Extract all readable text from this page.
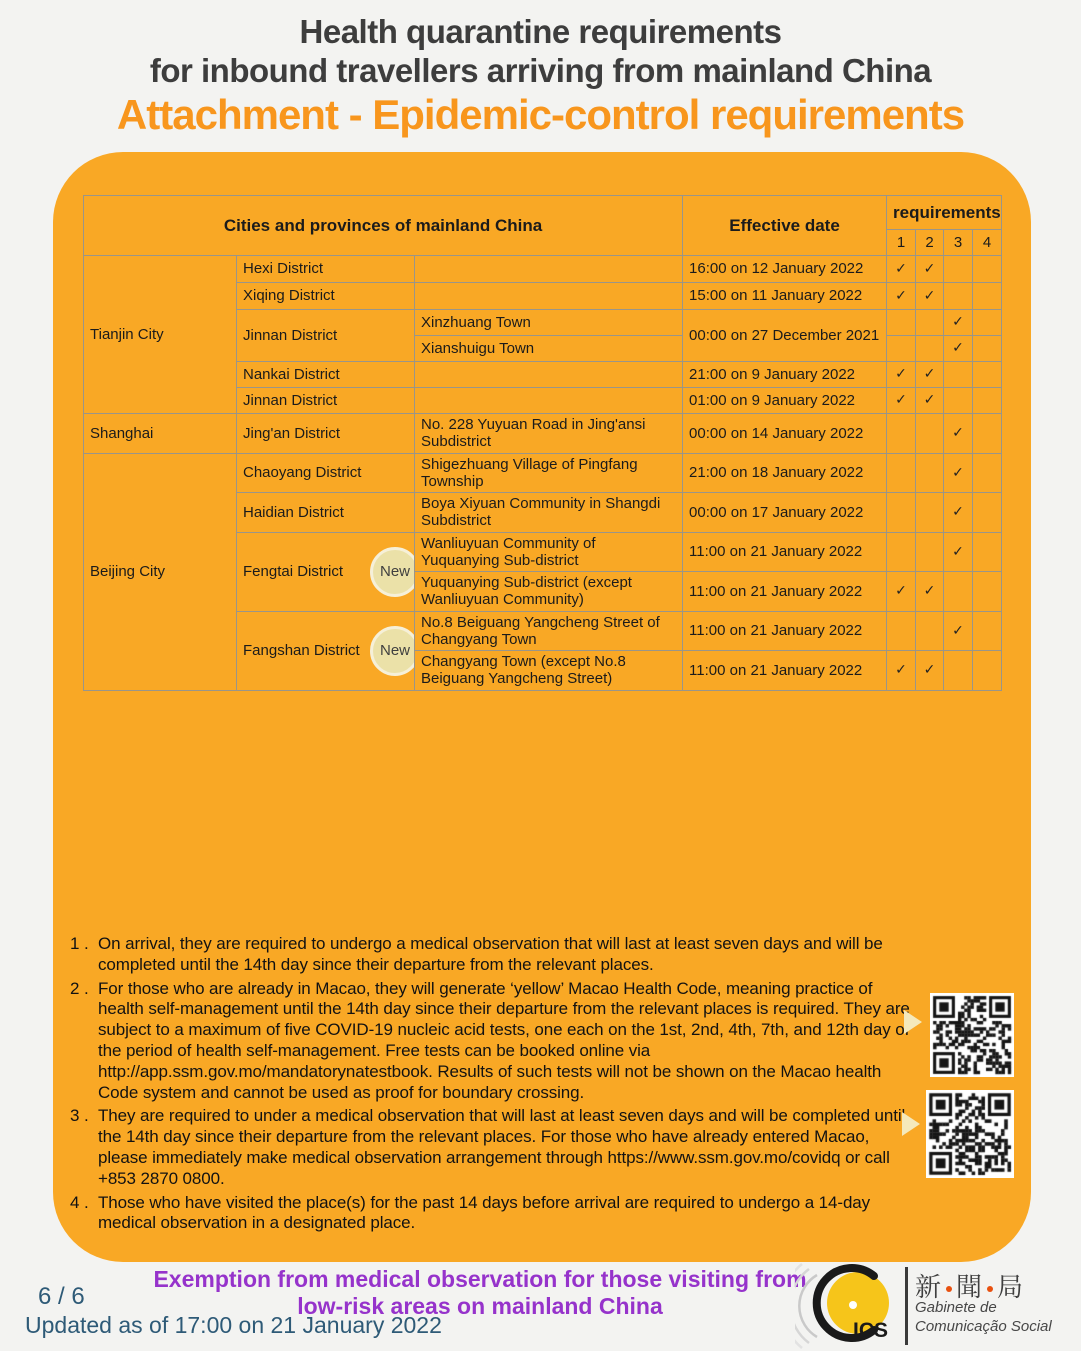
Health quarantine requirements
for inbound travellers arriving from mainland China
Attachment - Epidemic-control requirements
Cities and provinces of mainland China			Effective date	requirements			
				1	2	3	4
Tianjin City	Hexi District		16:00 on 12 January 2022	✓	✓		
	Xiqing District		15:00 on 11 January 2022	✓	✓		
	Jinnan District	Xinzhuang Town	00:00 on 27 December 2021			✓	
		Xianshuigu Town				✓	
	Nankai District		21:00 on 9 January 2022	✓	✓		
	Jinnan District		01:00 on 9 January 2022	✓	✓		
Shanghai	Jing'an District	No. 228 Yuyuan Road in Jing'ansi Subdistrict	00:00 on 14 January 2022			✓	
Beijing City	Chaoyang District	Shigezhuang Village of Pingfang Township	21:00 on 18 January 2022			✓	
	Haidian District	Boya Xiyuan Community in Shangdi Subdistrict	00:00 on 17 January 2022			✓	
	Fengtai District New	Wanliuyuan Community of Yuquanying Sub-district	11:00 on 21 January 2022			✓	
		Yuquanying Sub-district (except Wanliuyuan Community)	11:00 on 21 January 2022	✓	✓		
	Fangshan District New	No.8 Beiguang Yangcheng Street of Changyang Town	11:00 on 21 January 2022			✓	
		Changyang Town (except No.8 Beiguang Yangcheng Street)	11:00 on 21 January 2022	✓	✓		
1 . On arrival, they are required to undergo a medical observation that will last at least seven days and will be completed until the 14th day since their departure from the relevant places.
2 . For those who are already in Macao, they will generate ‘yellow’ Macao Health Code, meaning practice of health self-management until the 14th day since their departure from the relevant places is required. They are subject to a maximum of five COVID-19 nucleic acid tests, one each on the 1st, 2nd, 4th, 7th, and 12th day of the period of health self-management. Free tests can be booked online via http://app.ssm.gov.mo/mandatorynatestbook. Results of such tests will not be shown on the Macao health Code system and cannot be used as proof for boundary crossing.
3 . They are required to under a medical observation that will last at least seven days and will be completed until the 14th day since their departure from the relevant places. For those who have already entered Macao, please immediately make medical observation arrangement through https://www.ssm.gov.mo/covidq or call +853 2870 0800.
4 . Those who have visited the place(s) for the past 14 days before arrival are required to undergo a 14-day medical observation in a designated place.
6 / 6
Updated as of 17:00 on 21 January 2022
Exemption from medical observation for those visiting from
low-risk areas on mainland China
ICS
新 聞 局
Gabinete de
Comunicação Social
